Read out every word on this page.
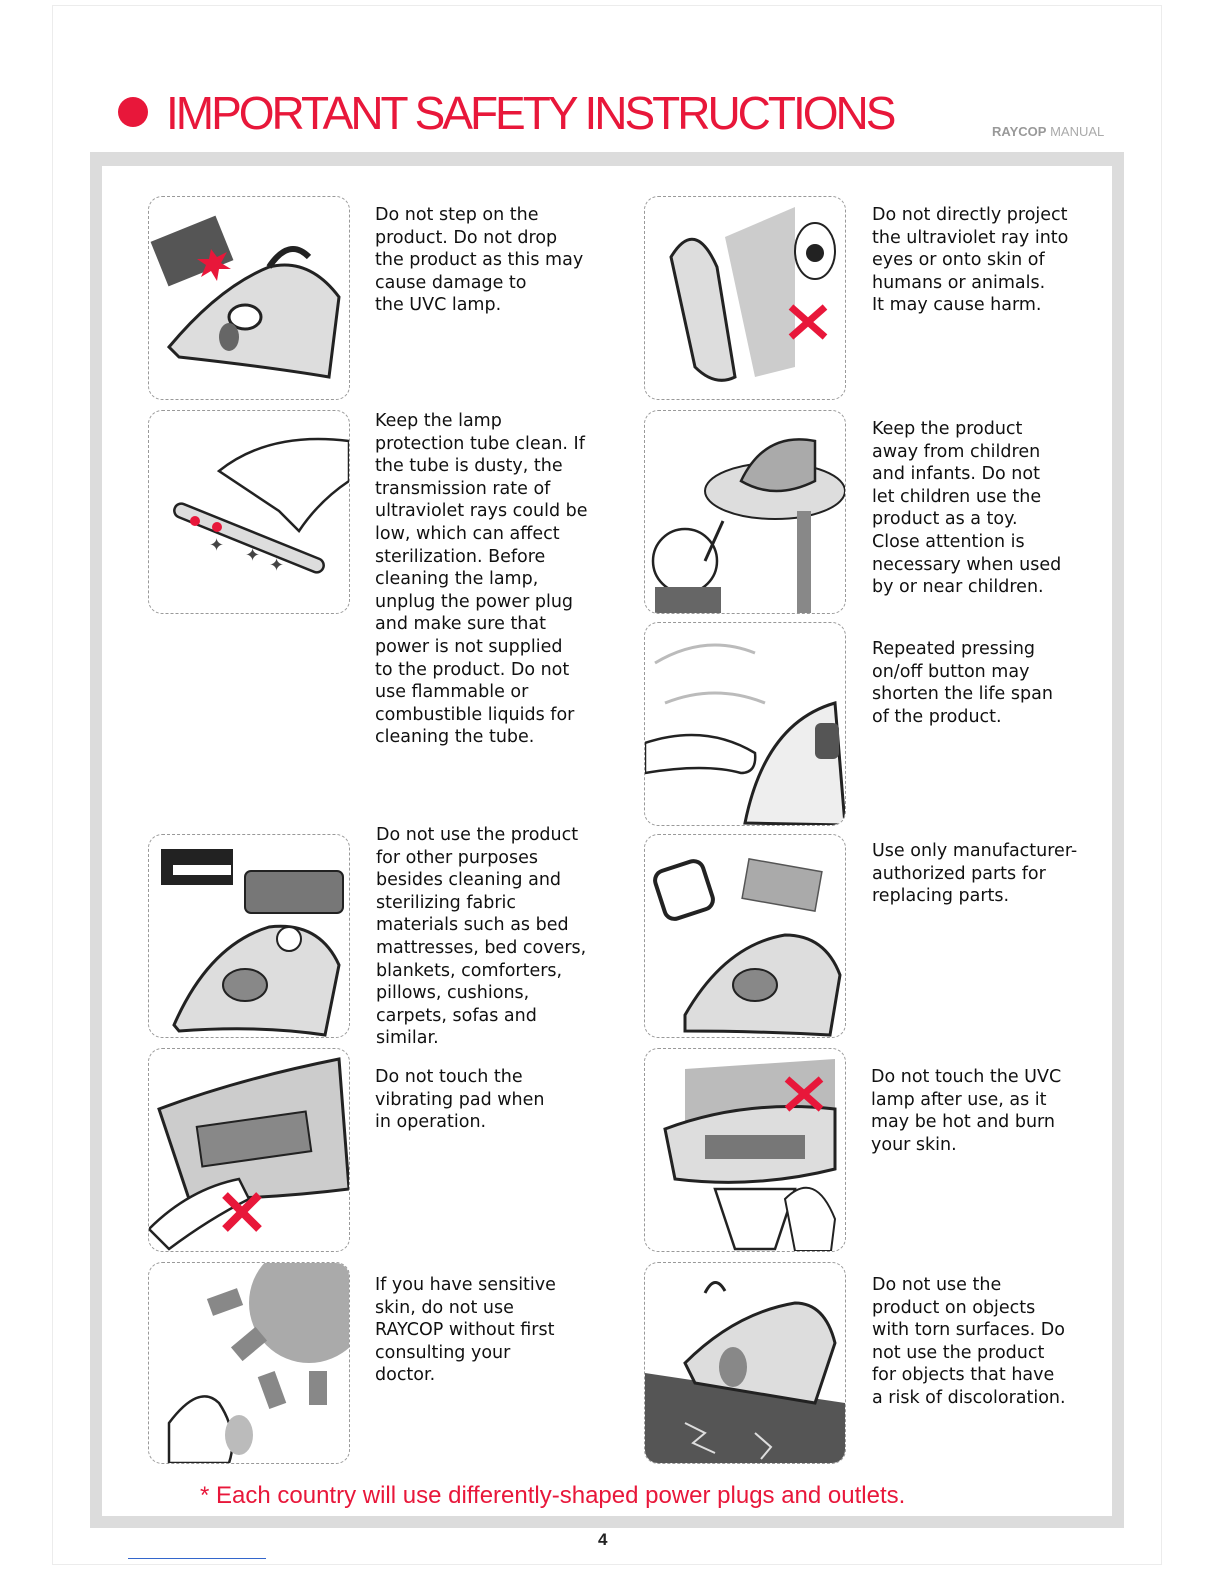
IMPORTANT SAFETY INSTRUCTIONS	RAYCOP MANUAL
Do not step on the
product. Do not drop
the product as this may
cause damage to
the UVC lamp.
✦ ✦ ✦
Keep the lamp
protection tube clean. If
the tube is dusty, the
transmission rate of
ultraviolet rays could be
low, which can affect
sterilization. Before
cleaning the lamp,
unplug the power plug
and make sure that
power is not supplied
to the product. Do not
use flammable or
combustible liquids for
cleaning the tube.
Do not use the product
for other purposes
besides cleaning and
sterilizing fabric
materials such as bed
mattresses, bed covers,
blankets, comforters,
pillows, cushions,
carpets, sofas and
similar.
Do not touch the
vibrating pad when
in operation.
If you have sensitive
skin, do not use
RAYCOP without first
consulting your
doctor.
Do not directly project
the ultraviolet ray into
eyes or onto skin of
humans or animals.
It may cause harm.
Keep the product
away from children
and infants. Do not
let children use the
product as a toy.
Close attention is
necessary when used
by or near children.
Repeated pressing
on/off button may
shorten the life span
of the product.
Use only manufacturer-
authorized parts for
replacing parts.
Do not touch the UVC
lamp after use, as it
may be hot and burn
your skin.
Do not use the
product on objects
with torn surfaces. Do
not use the product
for objects that have
a risk of discoloration.
* Each country will use differently-shaped power plugs and outlets.
4
